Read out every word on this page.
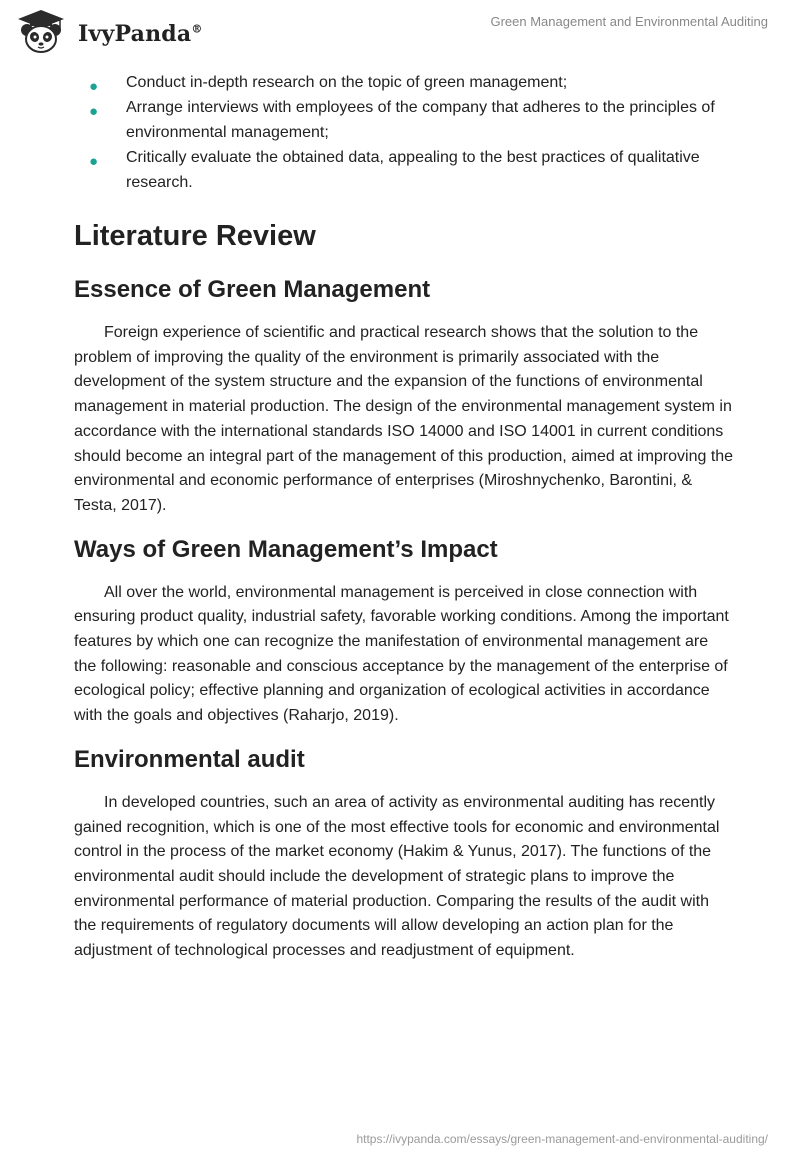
IvyPanda®
Green Management and Environmental Auditing
● Conduct in-depth research on the topic of green management;
● Arrange interviews with employees of the company that adheres to the principles of environmental management;
● Critically evaluate the obtained data, appealing to the best practices of qualitative research.
Literature Review
Essence of Green Management

Foreign experience of scientific and practical research shows that the solution to the problem of improving the quality of the environment is primarily associated with the development of the system structure and the expansion of the functions of environmental management in material production. The design of the environmental management system in accordance with the international standards ISO 14000 and ISO 14001 in current conditions should become an integral part of the management of this production, aimed at improving the environmental and economic performance of enterprises (Miroshnychenko, Barontini, & Testa, 2017).

Ways of Green Management’s Impact

All over the world, environmental management is perceived in close connection with ensuring product quality, industrial safety, favorable working conditions. Among the important features by which one can recognize the manifestation of environmental management are the following: reasonable and conscious acceptance by the management of the enterprise of ecological policy; effective planning and organization of ecological activities in accordance with the goals and objectives (Raharjo, 2019).

Environmental audit

In developed countries, such an area of activity as environmental auditing has recently gained recognition, which is one of the most effective tools for economic and environmental control in the process of the market economy (Hakim & Yunus, 2017). The functions of the environmental audit should include the development of strategic plans to improve the environmental performance of material production. Comparing the results of the audit with the requirements of regulatory documents will allow developing an action plan for the adjustment of technological processes and readjustment of equipment.

https://ivypanda.com/essays/green-management-and-environmental-auditing/
